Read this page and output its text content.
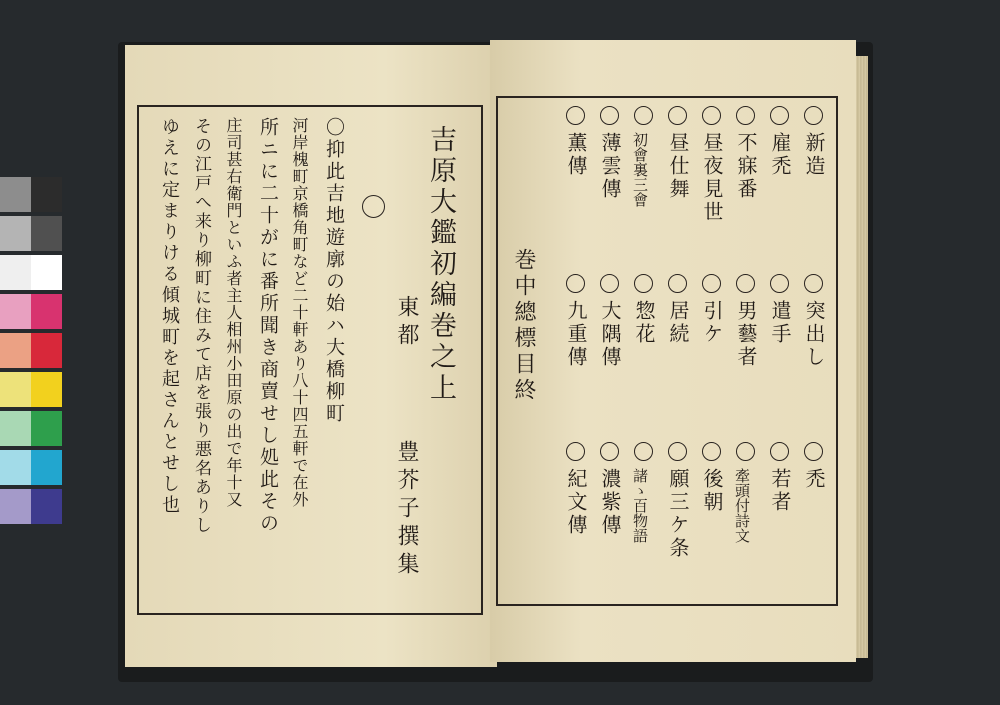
吉原大鑑初編巻之上
東都
豊芥子撰集
〇抑此吉地遊廓の始ハ大橋柳町
河岸槐町京橋角町など二十軒あり八十四五軒で在外
所ニに二十がに番所聞き商賣せし処此その
庄司甚右衛門といふ者主人相州小田原の出で年十又
その江戸へ来り柳町に住みて店を張り悪名ありし
ゆえに定まりける傾城町を起さんとせし也	新造
雇禿
不寐番
昼夜見世
昼仕舞
初會裏三會
薄雲傳
薫傳
突出し
遣手
男藝者
引ケ
居続
惣花
大隅傳
九重傳
禿
若者
牽頭付詩文
後朝
願三ケ条
諸ゝ百物語
濃紫傳
紀文傳
巻中總標目終
